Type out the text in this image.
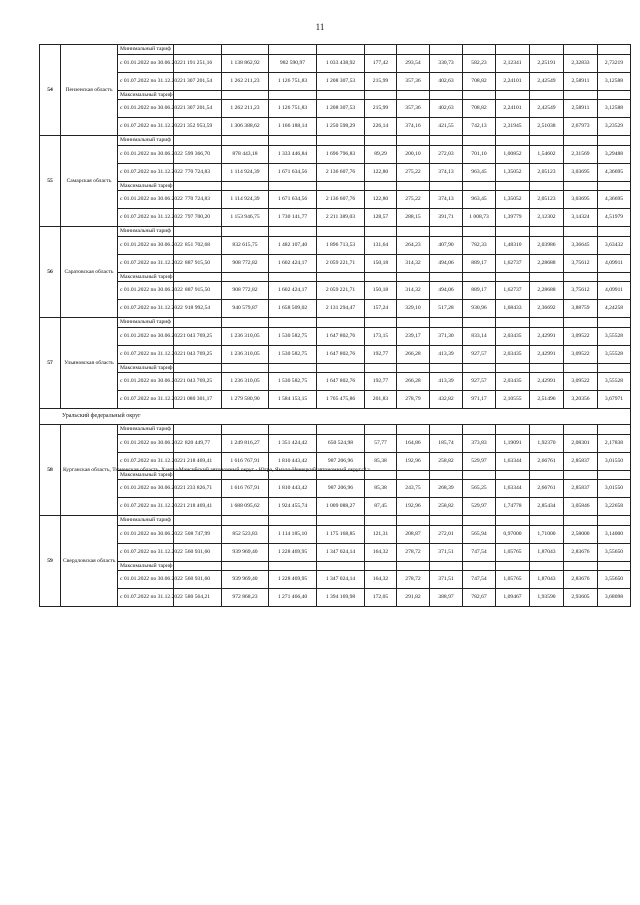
11
54	Пензенская область	Минимальный тариф												
		с 01.01.2022 по 30.06.2022	1 191 251,16	1 138 862,92	982 590,97	1 033 438,92	177,42	293,54	330,73	582,23	2,12341	2,25191	2,32833	2,73219
		с 01.07.2022 по 31.12.2022	1 307 201,54	1 262 211,23	1 126 751,83	1 208 307,53	215,99	357,36	402,63	708,82	2,24101	2,42549	2,58911	3,12588
		Максимальный тариф												
		с 01.01.2022 по 30.06.2022	1 307 201,54	1 262 211,23	1 126 751,83	1 208 307,53	215,99	357,36	402,63	708,82	2,24101	2,42549	2,58911	3,12588
		с 01.07.2022 по 31.12.2022	1 352 953,59	1 306 388,62	1 166 188,14	1 250 598,29	226,14	374,16	421,55	742,13	2,31945	2,51038	2,67973	3,23529
55	Самарская область	Минимальный тариф												
		с 01.01.2022 по 30.06.2022	599 366,70	878 443,18	1 333 446,84	1 696 796,83	89,29	200,10	272,03	701,10	1,00852	1,54602	2,31569	3,29488
		с 01.07.2022 по 31.12.2022	770 724,83	1 114 924,39	1 671 634,56	2 136 607,76	122,80	275,22	374,13	963,45	1,35052	2,05123	3,03695	4,36695
		Максимальный тариф												
		с 01.01.2022 по 30.06.2022	770 724,83	1 114 924,39	1 671 634,56	2 136 607,76	122,80	275,22	374,13	963,45	1,35052	2,05123	3,03695	4,36695
		с 01.07.2022 по 31.12.2022	797 700,20	1 153 946,75	1 730 141,77	2 211 389,03	128,57	288,15	391,71	1 008,73	1,39779	2,12302	3,14324	4,51979
56	Саратовская область	Минимальный тариф												
		с 01.01.2022 по 30.06.2022	851 702,68	832 615,75	1 482 107,40	1 896 713,53	131,64	264,23	407,90	782,33	1,48310	2,03986	3,36645	3,63432
		с 01.07.2022 по 31.12.2022	887 915,50	908 772,82	1 602 424,17	2 059 221,71	150,18	314,32	494,06	889,17	1,62737	2,28688	3,75612	4,09911
		Максимальный тариф												
		с 01.01.2022 по 30.06.2022	887 915,50	908 772,82	1 602 424,17	2 059 221,71	150,18	314,32	494,06	889,17	1,62737	2,28688	3,75612	4,09911
		с 01.07.2022 по 31.12.2022	918 992,54	940 579,87	1 658 509,02	2 131 294,47	157,24	329,10	517,28	930,96	1,68433	2,36692	3,88759	4,24258
57	Ульяновская область	Минимальный тариф												
		с 01.01.2022 по 30.06.2022	1 043 769,25	1 236 310,05	1 530 582,75	1 647 802,76	173,15	239,17	371,30	833,14	2,03435	2,42991	3,09522	3,55528
		с 01.07.2022 по 31.12.2022	1 043 769,25	1 236 310,05	1 530 582,75	1 647 802,76	192,77	266,28	413,39	927,57	2,03435	2,42991	3,09522	3,55528
		Максимальный тариф												
		с 01.01.2022 по 30.06.2022	1 043 769,25	1 236 310,05	1 530 582,75	1 647 802,76	192,77	266,28	413,39	927,57	2,03435	2,42991	3,09522	3,55528
		с 01.07.2022 по 31.12.2022	1 080 301,17	1 279 580,90	1 584 153,15	1 705 475,86	201,83	278,79	432,82	971,17	2,10555	2,51496	3,20356	3,67971
Уральский федеральный округ														
58	Курганская область, Тюменская область, Ханты-Мансийский автономный округ - Югра, Ямало-Ненецкий автономный округ<1>	Минимальный тариф												
		с 01.01.2022 по 30.06.2022	820 449,77	1 249 816,27	1 351 424,42	650 524,98	57,77	164,86	185,74	373,83	1,19091	1,92370	2,08301	2,17838
		с 01.07.2022 по 31.12.2022	1 218 469,41	1 616 767,91	1 810 443,42	987 206,96	85,38	192,96	258,82	529,97	1,63344	2,66761	2,85837	3,01550
		Максимальный тариф												
		с 01.01.2022 по 30.06.2022	1 233 826,71	1 616 767,91	1 810 443,42	987 206,96	85,38	243,75	268,39	565,25	1,63344	2,66761	2,85837	3,01550
		с 01.07.2022 по 31.12.2022	1 218 469,41	1 688 095,62	1 924 455,74	1 009 088,27	87,45	192,96	258,82	529,97	1,74778	2,85434	3,05846	3,22658
59	Свердловская область	Минимальный тариф												
		с 01.01.2022 по 30.06.2022	508 747,99	852 523,83	1 114 185,10	1 175 168,85	121,31	208,87	272,01	565,94	0,97000	1,71000	2,58000	3,14000
		с 01.07.2022 по 31.12.2022	560 931,60	939 969,40	1 228 469,95	1 347 024,14	164,32	278,72	371,51	747,54	1,05765	1,87043	2,83676	3,55650
		Максимальный тариф												
		с 01.01.2022 по 30.06.2022	560 931,60	939 969,40	1 228 469,95	1 347 024,14	164,32	278,72	371,51	747,54	1,05765	1,87043	2,83676	3,55650
		с 01.07.2022 по 31.12.2022	580 564,21	972 868,23	1 271 466,40	1 394 169,98	172,05	291,82	388,97	782,67	1,09467	1,93590	2,93605	3,68098
